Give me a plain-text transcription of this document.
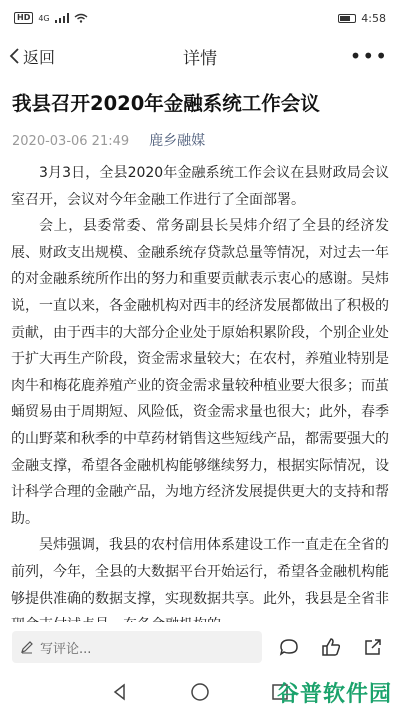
HD	4G	4:58
返回	详情	•••
我县召开2020年金融系统工作会议
2020-03-06 21:49 鹿乡融媒

3月3日，全县2020年金融系统工作会议在县财政局会议室召开，会议对今年金融工作进行了全面部署。

会上，县委常委、常务副县长吴炜介绍了全县的经济发展、财政支出规模、金融系统存贷款总量等情况，对过去一年的对金融系统所作出的努力和重要贡献表示衷心的感谢。吴炜说，一直以来，各金融机构对西丰的经济发展都做出了积极的贡献，由于西丰的大部分企业处于原始积累阶段，个别企业处于扩大再生产阶段，资金需求量较大；在农村，养殖业特别是肉牛和梅花鹿养殖产业的资金需求量较种植业要大很多；而茧蛹贸易由于周期短、风险低，资金需求量也很大；此外，春季的山野菜和秋季的中草药材销售这些短线产品，都需要强大的金融支撑，希望各金融机构能够继续努力，根据实际情况，设计科学合理的金融产品，为地方经济发展提供更大的支持和帮助。

吴炜强调，我县的农村信用体系建设工作一直走在全省的前列，今年，全县的大数据平台开始运行，希望各金融机构能够提供准确的数据支撑，实现数据共享。此外，我县是全省非

写评论...
谷普软件园
